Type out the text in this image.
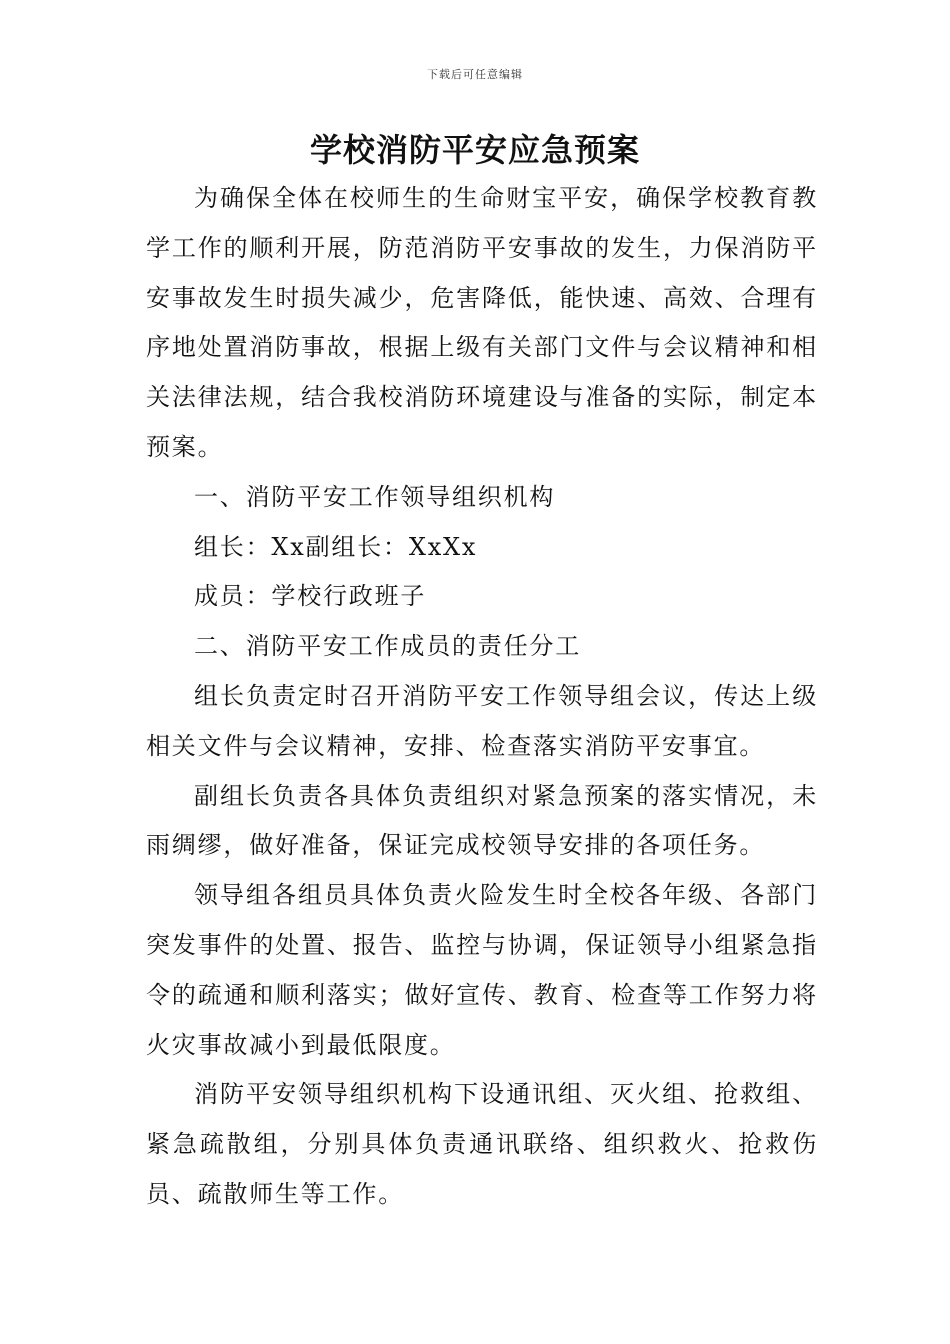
下载后可任意编辑
学校消防平安应急预案

为确保全体在校师生的生命财宝平安，确保学校教育教学工作的顺利开展，防范消防平安事故的发生，力保消防平安事故发生时损失减少，危害降低，能快速、高效、合理有序地处置消防事故，根据上级有关部门文件与会议精神和相关法律法规，结合我校消防环境建设与准备的实际，制定本预案。

一、消防平安工作领导组织机构

组长：Xx副组长：XxXx

成员：学校行政班子

二、消防平安工作成员的责任分工

组长负责定时召开消防平安工作领导组会议，传达上级相关文件与会议精神，安排、检查落实消防平安事宜。

副组长负责各具体负责组织对紧急预案的落实情况，未雨绸缪，做好准备，保证完成校领导安排的各项任务。

领导组各组员具体负责火险发生时全校各年级、各部门突发事件的处置、报告、监控与协调，保证领导小组紧急指令的疏通和顺利落实；做好宣传、教育、检查等工作努力将火灾事故减小到最低限度。

消防平安领导组织机构下设通讯组、灭火组、抢救组、紧急疏散组，分别具体负责通讯联络、组织救火、抢救伤员、疏散师生等工作。
